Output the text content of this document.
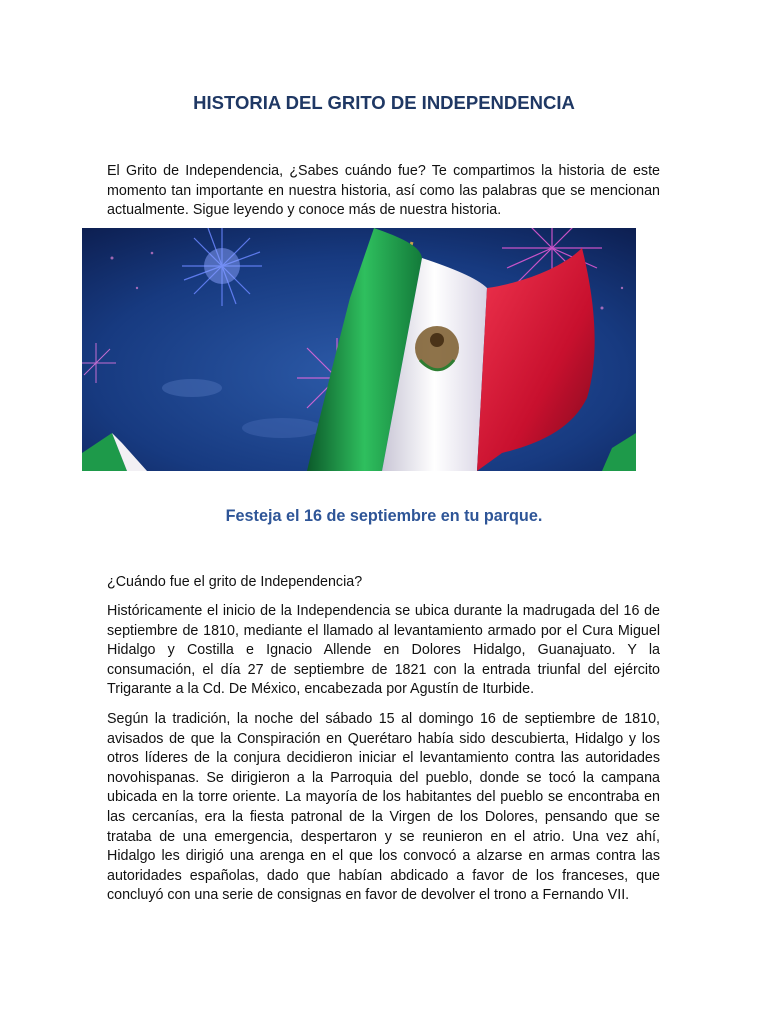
HISTORIA DEL GRITO DE INDEPENDENCIA

El Grito de Independencia, ¿Sabes cuándo fue? Te compartimos la historia de este momento tan importante en nuestra historia, así como las palabras que se mencionan actualmente. Sigue leyendo y conoce más de nuestra historia.

Festeja el 16 de septiembre en tu parque.

¿Cuándo fue el grito de Independencia?

Históricamente el inicio de la Independencia se ubica durante la madrugada del 16 de septiembre de 1810, mediante el llamado al levantamiento armado por el Cura Miguel Hidalgo y Costilla e Ignacio Allende en Dolores Hidalgo, Guanajuato. Y la consumación, el día 27 de septiembre de 1821 con la entrada triunfal del ejército Trigarante a la Cd. De México, encabezada por Agustín de Iturbide.

Según la tradición, la noche del sábado 15 al domingo 16 de septiembre de 1810, avisados de que la Conspiración en Querétaro había sido descubierta, Hidalgo y los otros líderes de la conjura decidieron iniciar el levantamiento contra las autoridades novohispanas. Se dirigieron a la Parroquia del pueblo, donde se tocó la campana ubicada en la torre oriente. La mayoría de los habitantes del pueblo se encontraba en las cercanías, era la fiesta patronal de la Virgen de los Dolores, pensando que se trataba de una emergencia, despertaron y se reunieron en el atrio. Una vez ahí, Hidalgo les dirigió una arenga en el que los convocó a alzarse en armas contra las autoridades españolas, dado que habían abdicado a favor de los franceses, que concluyó con una serie de consignas en favor de devolver el trono a Fernando VII.
